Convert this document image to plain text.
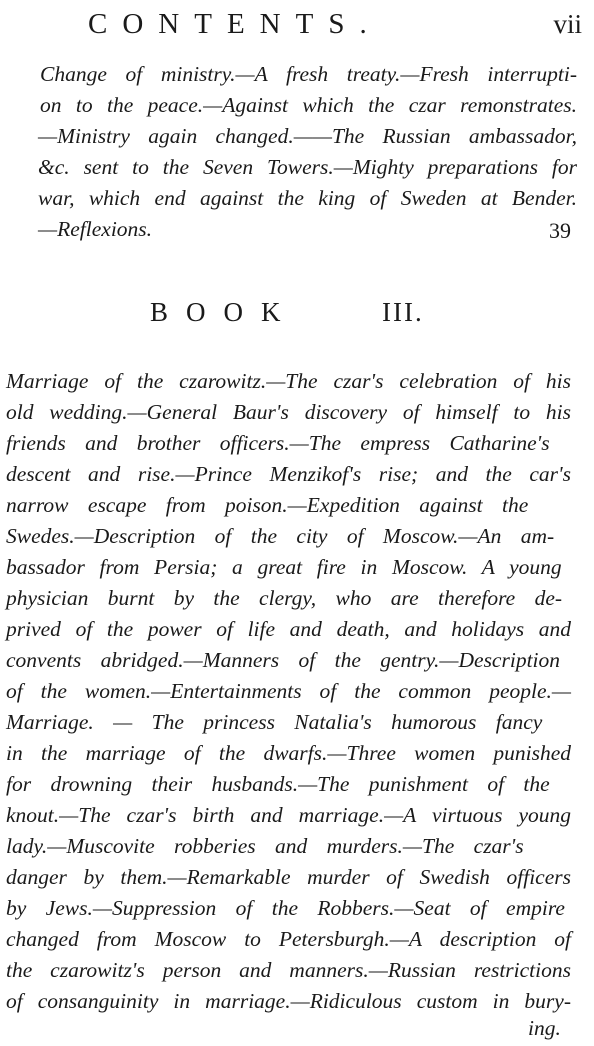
CONTENTS.	vii
Change of ministry.—A fresh treaty.—Fresh interrupti-
on to the peace.—Against which the czar remonstrates.
—Ministry again changed.——The Russian ambassador,
&c. sent to the Seven Towers.—Mighty preparations for
war, which end against the king of Sweden at Bender.
—Reflexions.	39
BOOK	III.
Marriage of the czarowitz.—The czar's celebration of his
old wedding.—General Baur's discovery of himself to his
friends and brother officers.—The empress Catharine's
descent and rise.—Prince Menzikof's rise; and the car's
narrow escape from poison.—Expedition against the
Swedes.—Description of the city of Moscow.—An am-
bassador from Persia; a great fire in Moscow. A young
physician burnt by the clergy, who are therefore de-
prived of the power of life and death, and holidays and
convents abridged.—Manners of the gentry.—Description
of the women.—Entertainments of the common people.—
Marriage. — The princess Natalia's humorous fancy
in the marriage of the dwarfs.—Three women punished
for drowning their husbands.—The punishment of the
knout.—The czar's birth and marriage.—A virtuous young
lady.—Muscovite robberies and murders.—The czar's
danger by them.—Remarkable murder of Swedish officers
by Jews.—Suppression of the Robbers.—Seat of empire
changed from Moscow to Petersburgh.—A description of
the czarowitz's person and manners.—Russian restrictions
of consanguinity in marriage.—Ridiculous custom in bury-
ing.
